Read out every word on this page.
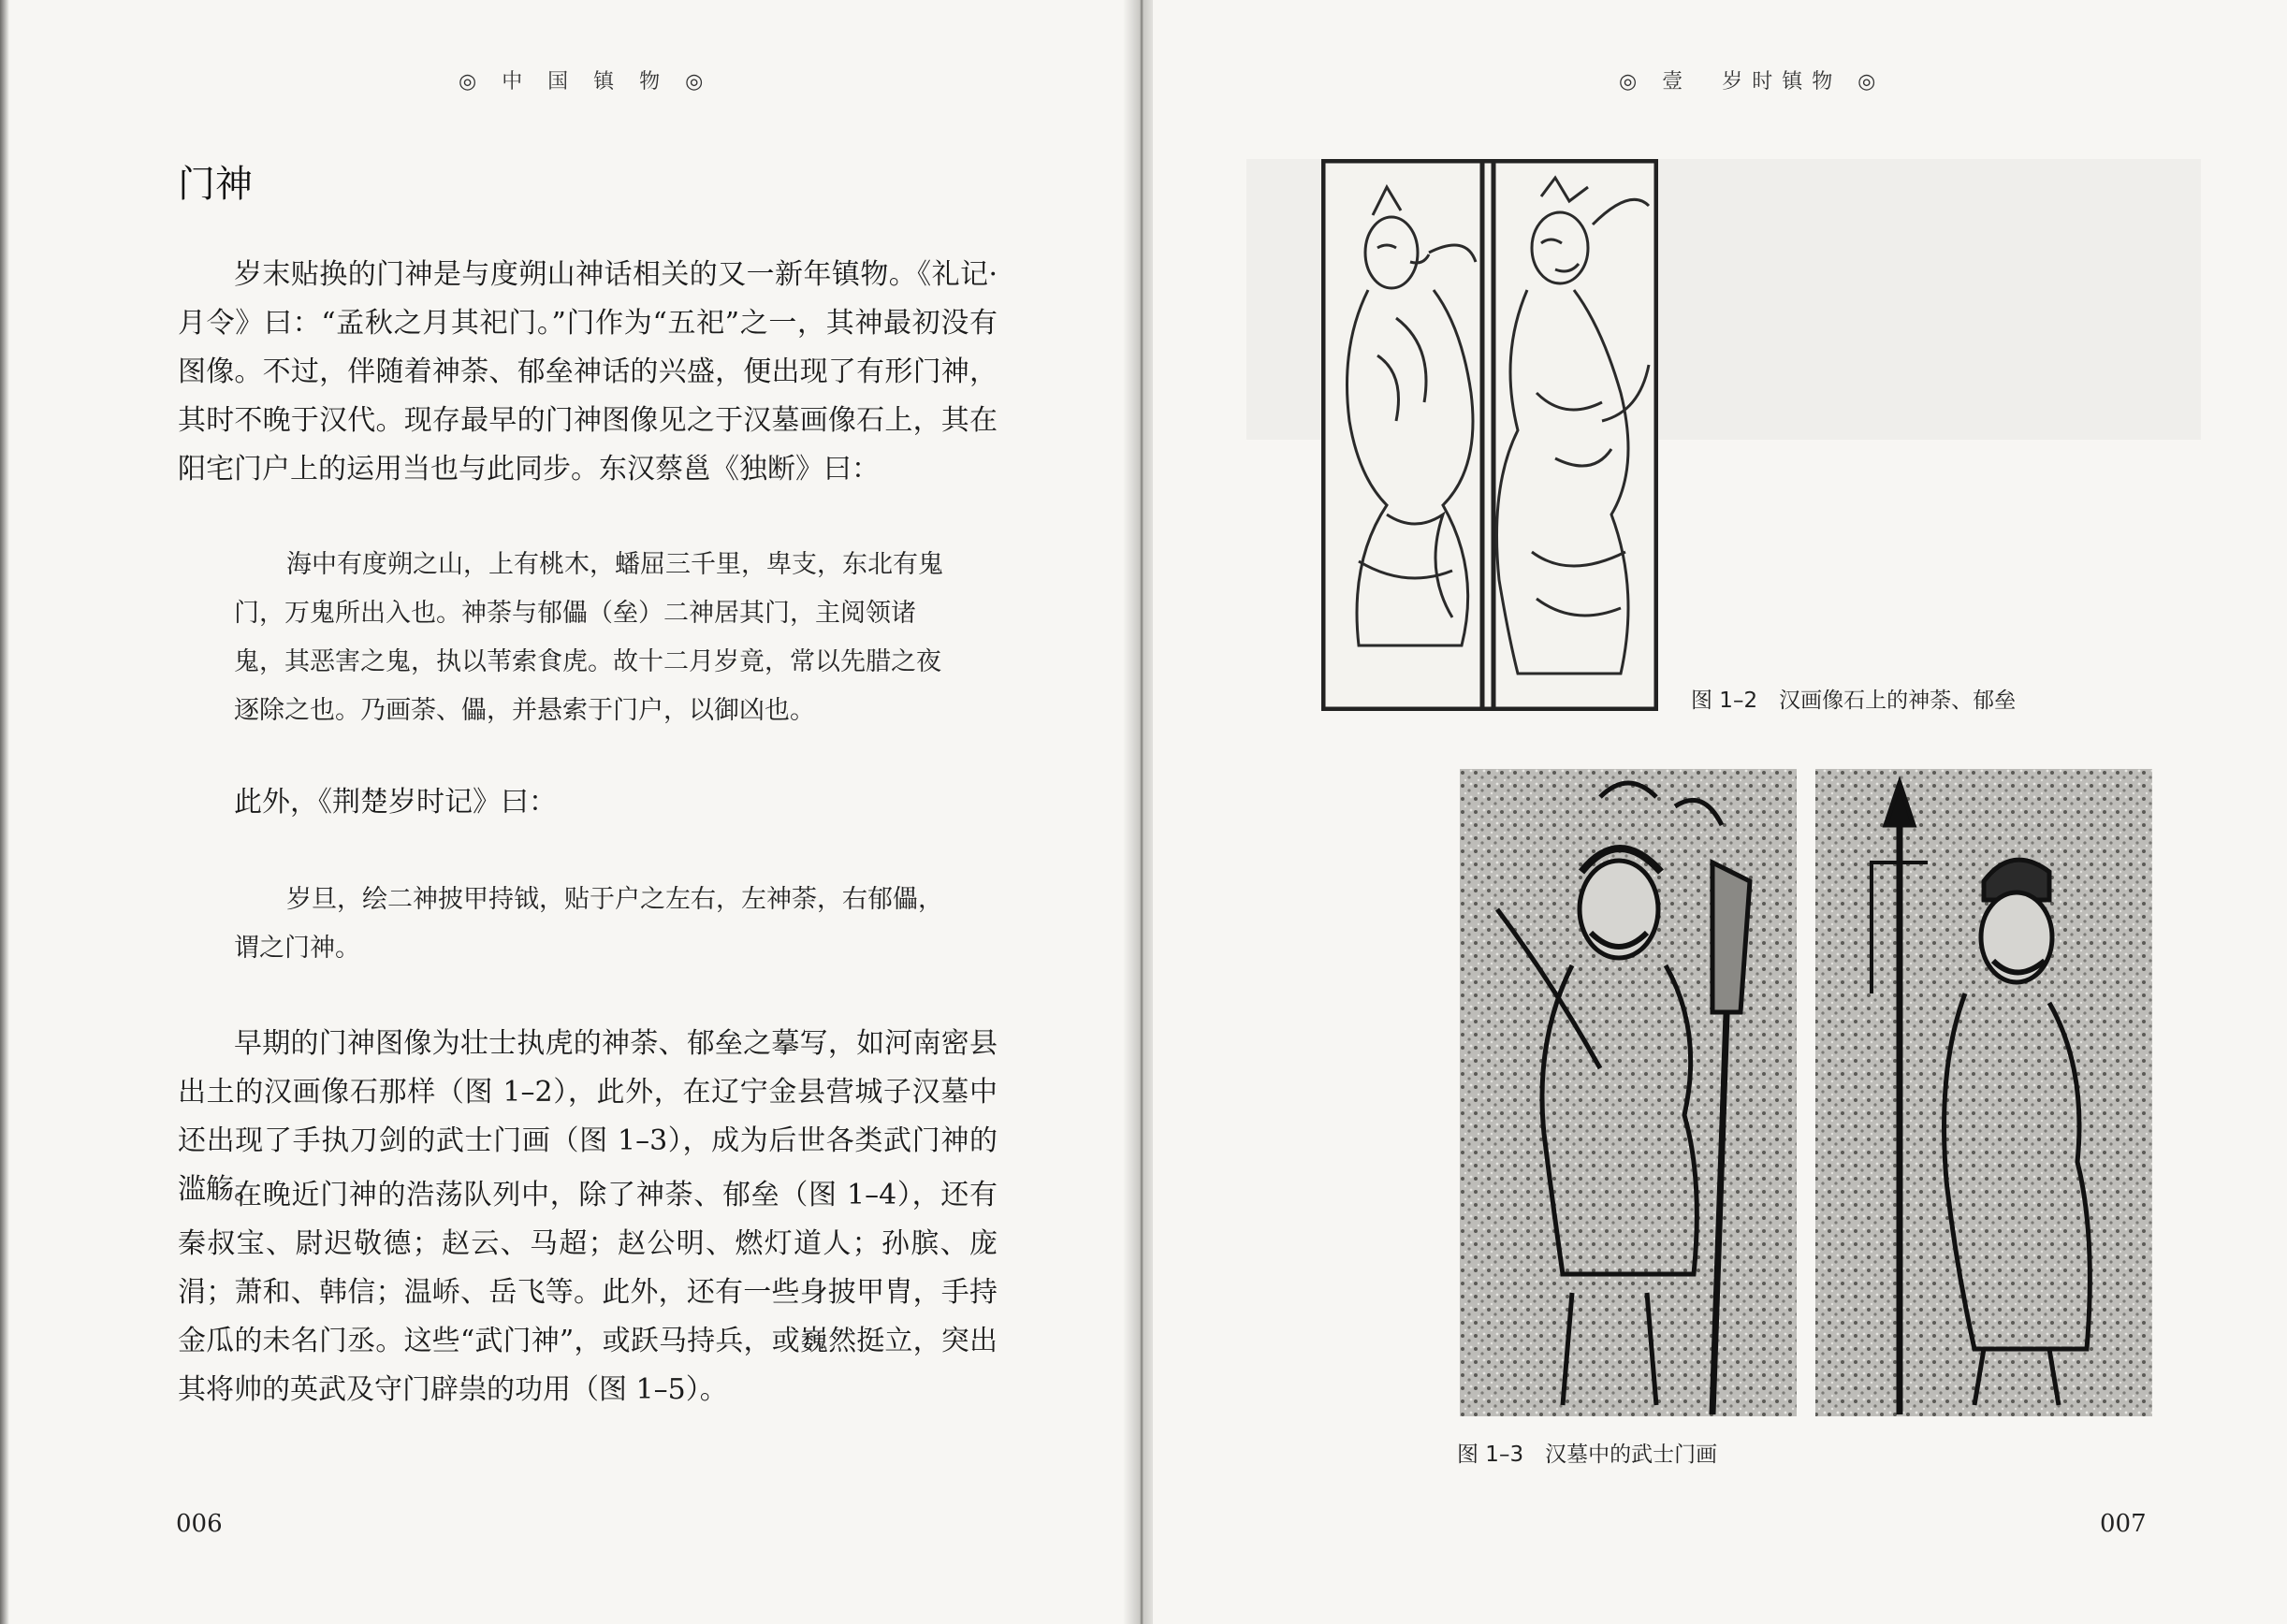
◎ 中 国 镇 物 ◎
门神

岁末贴换的门神是与度朔山神话相关的又一新年镇物。《礼记·月令》曰：“孟秋之月其祀门。”门作为“五祀”之一，其神最初没有图像。不过，伴随着神荼、郁垒神话的兴盛，便出现了有形门神，其时不晚于汉代。现存最早的门神图像见之于汉墓画像石上，其在阳宅门户上的运用当也与此同步。东汉蔡邕《独断》曰：

海中有度朔之山，上有桃木，蟠屈三千里，卑支，东北有鬼门，万鬼所出入也。神荼与郁儡（垒）二神居其门，主阅领诸鬼，其恶害之鬼，执以苇索食虎。故十二月岁竟，常以先腊之夜逐除之也。乃画荼、儡，并悬索于门户，以御凶也。

此外，《荆楚岁时记》曰：

岁旦，绘二神披甲持钺，贴于户之左右，左神荼，右郁儡，谓之门神。

早期的门神图像为壮士执虎的神荼、郁垒之摹写，如河南密县出土的汉画像石那样（图 1–2），此外，在辽宁金县营城子汉墓中还出现了手执刀剑的武士门画（图 1–3），成为后世各类武门神的滥觞。

在晚近门神的浩荡队列中，除了神荼、郁垒（图 1–4），还有秦叔宝、尉迟敬德；赵云、马超；赵公明、燃灯道人；孙膑、庞涓；萧和、韩信；温峤、岳飞等。此外，还有一些身披甲胄，手持金瓜的未名门丞。这些“武门神”，或跃马持兵，或巍然挺立，突出其将帅的英武及守门辟祟的功用（图 1–5）。

006
◎ 壹　岁时镇物 ◎
图 1–2　汉画像石上的神荼、郁垒
图 1–3　汉墓中的武士门画
007
